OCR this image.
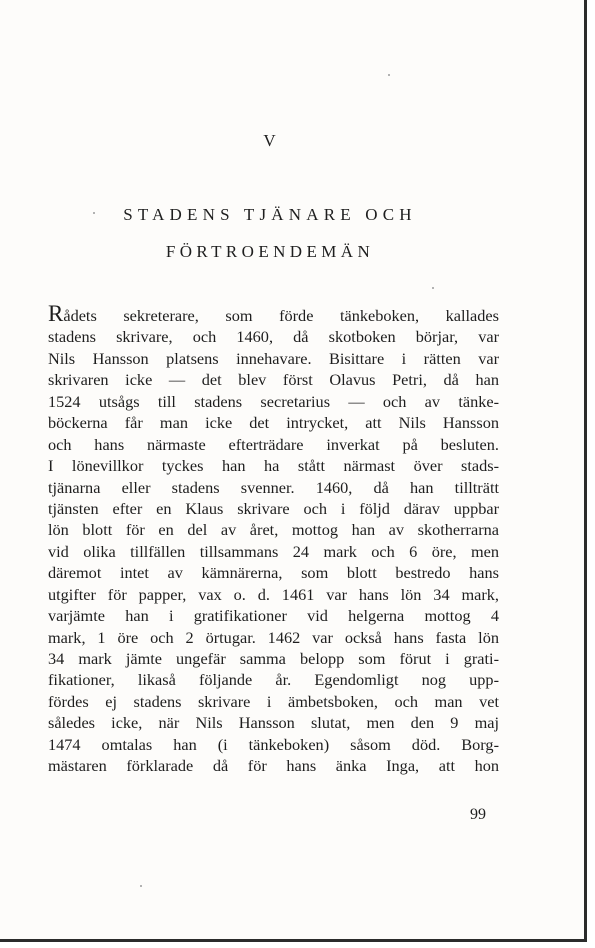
V
STADENS TJÄNARE OCH
FÖRTROENDEMÄN
Rådets sekreterare, som förde tänkeboken, kallades
stadens skrivare, och 1460, då skotboken börjar, var
Nils Hansson platsens innehavare. Bisittare i rätten var
skrivaren icke — det blev först Olavus Petri, då han
1524 utsågs till stadens secretarius — och av tänke-
böckerna får man icke det intrycket, att Nils Hansson
och hans närmaste efterträdare inverkat på besluten.
I lönevillkor tyckes han ha stått närmast över stads-
tjänarna eller stadens svenner. 1460, då han tillträtt
tjänsten efter en Klaus skrivare och i följd därav uppbar
lön blott för en del av året, mottog han av skotherrarna
vid olika tillfällen tillsammans 24 mark och 6 öre, men
däremot intet av kämnärerna, som blott bestredo hans
utgifter för papper, vax o. d. 1461 var hans lön 34 mark,
varjämte han i gratifikationer vid helgerna mottog 4
mark, 1 öre och 2 örtugar. 1462 var också hans fasta lön
34 mark jämte ungefär samma belopp som förut i grati-
fikationer, likaså följande år. Egendomligt nog upp-
fördes ej stadens skrivare i ämbetsboken, och man vet
således icke, när Nils Hansson slutat, men den 9 maj
1474 omtalas han (i tänkeboken) såsom död. Borg-
mästaren förklarade då för hans änka Inga, att hon
99
